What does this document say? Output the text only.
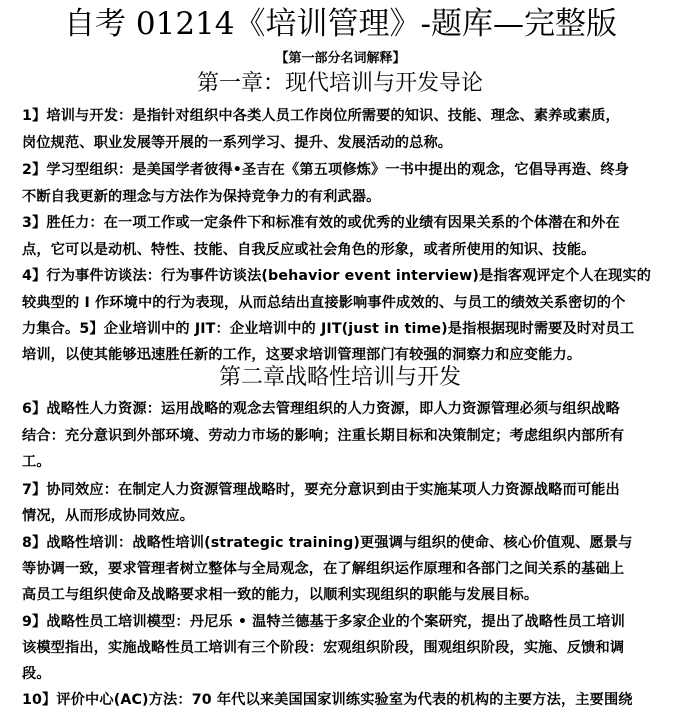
自考 01214《培训管理》-题库—完整版
【第一部分名词解释】
第一章：现代培训与开发导论
1】培训与开发：是指针对组织中各类人员工作岗位所需要的知识、技能、理念、素养或素质，
岗位规范、职业发展等开展的一系列学习、提升、发展活动的总称。
2】学习型组织：是美国学者彼得•圣吉在《第五项修炼》一书中提出的观念，它倡导再造、终身
不断自我更新的理念与方法作为保持竞争力的有利武器。
3】胜任力：在一项工作或一定条件下和标准有效的或优秀的业绩有因果关系的个体潜在和外在
点，它可以是动机、特性、技能、自我反应或社会角色的形象，或者所使用的知识、技能。
4】行为事件访谈法：行为事件访谈法(behavior event interview)是指客观评定个人在现实的
较典型的 I 作环境中的行为表现，从而总结出直接影响事件成效的、与员工的绩效关系密切的个
力集合。5】企业培训中的 JIT：企业培训中的 JIT(just in time)是指根据现时需要及时对员工
培训，以使其能够迅速胜任新的工作，这要求培训管理部门有较强的洞察力和应变能力。
6】战略性人力资源：运用战略的观念去管理组织的人力资源，即人力资源管理必须与组织战略
结合：充分意识到外部环境、劳动力市场的影响；注重长期目标和决策制定；考虑组织内部所有
工。
7】协同效应：在制定人力资源管理战略时，要充分意识到由于实施某项人力资源战略而可能出
情况，从而形成协同效应。
8】战略性培训：战略性培训(strategic training)更强调与组织的使命、核心价值观、愿景与
等协调一致，要求管理者树立整体与全局观念，在了解组织运作原理和各部门之间关系的基础上
高员工与组织使命及战略要求相一致的能力，以顺利实现组织的职能与发展目标。
9】战略性员工培训模型：丹尼乐 • 温特兰德基于多家企业的个案研究，提出了战略性员工培训
该模型指出，实施战略性员工培训有三个阶段：宏观组织阶段，围观组织阶段，实施、反馈和调
段。
10】评价中心(AC)方法：70 年代以来美国国家训练实验室为代表的机构的主要方法，主要围绕
第二章战略性培训与开发
